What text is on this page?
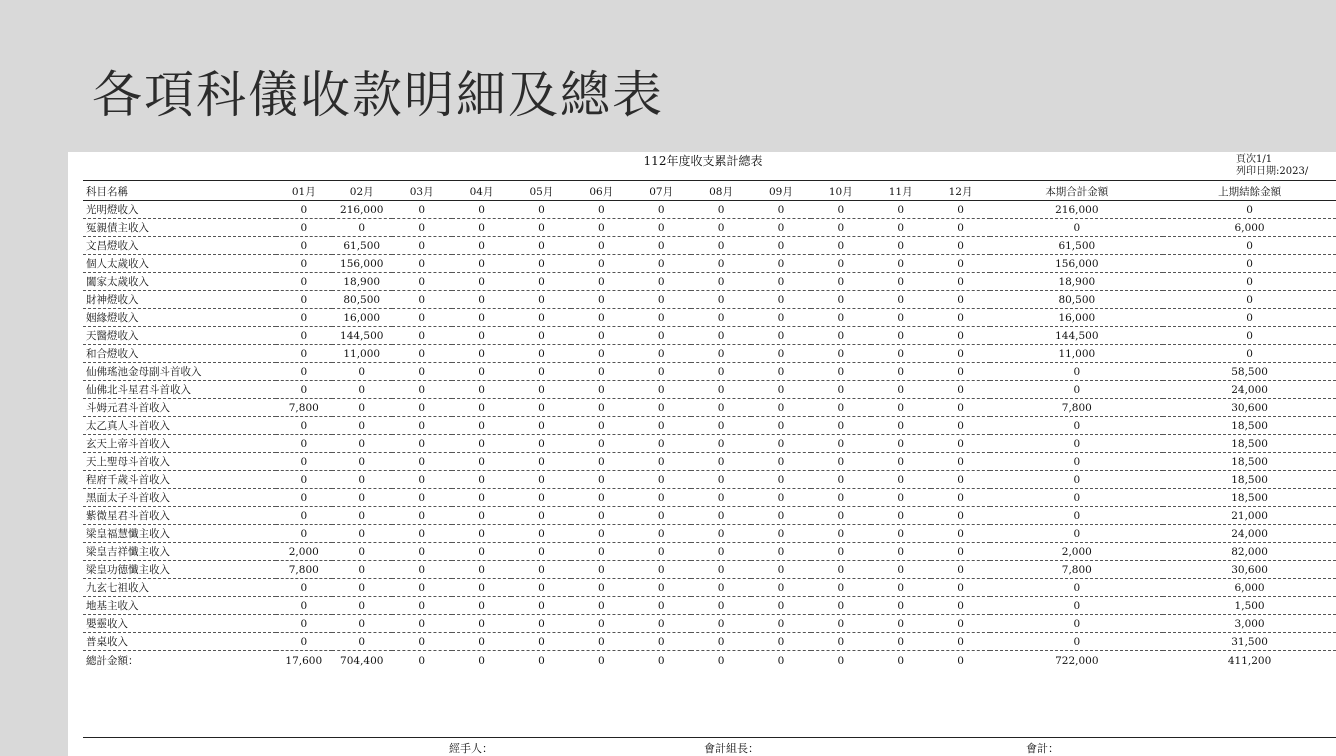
各項科儀收款明細及總表
112年度收支累計總表	頁次1/1
列印日期:2023/
科目名稱	01月	02月	03月	04月	05月	06月	07月	08月	09月	10月	11月	12月	本期合計金額	上期結餘金額
光明燈收入	0	216,000	0	0	0	0	0	0	0	0	0	0	216,000	0
冤親債主收入	0	0	0	0	0	0	0	0	0	0	0	0	0	6,000
文昌燈收入	0	61,500	0	0	0	0	0	0	0	0	0	0	61,500	0
個人太歲收入	0	156,000	0	0	0	0	0	0	0	0	0	0	156,000	0
闔家太歲收入	0	18,900	0	0	0	0	0	0	0	0	0	0	18,900	0
財神燈收入	0	80,500	0	0	0	0	0	0	0	0	0	0	80,500	0
姻緣燈收入	0	16,000	0	0	0	0	0	0	0	0	0	0	16,000	0
天醫燈收入	0	144,500	0	0	0	0	0	0	0	0	0	0	144,500	0
和合燈收入	0	11,000	0	0	0	0	0	0	0	0	0	0	11,000	0
仙佛瑤池金母副斗首收入	0	0	0	0	0	0	0	0	0	0	0	0	0	58,500
仙佛北斗星君斗首收入	0	0	0	0	0	0	0	0	0	0	0	0	0	24,000
斗姆元君斗首收入	7,800	0	0	0	0	0	0	0	0	0	0	0	7,800	30,600
太乙真人斗首收入	0	0	0	0	0	0	0	0	0	0	0	0	0	18,500
玄天上帝斗首收入	0	0	0	0	0	0	0	0	0	0	0	0	0	18,500
天上聖母斗首收入	0	0	0	0	0	0	0	0	0	0	0	0	0	18,500
程府千歲斗首收入	0	0	0	0	0	0	0	0	0	0	0	0	0	18,500
黑面太子斗首收入	0	0	0	0	0	0	0	0	0	0	0	0	0	18,500
紫微星君斗首收入	0	0	0	0	0	0	0	0	0	0	0	0	0	21,000
梁皇福慧懺主收入	0	0	0	0	0	0	0	0	0	0	0	0	0	24,000
梁皇吉祥懺主收入	2,000	0	0	0	0	0	0	0	0	0	0	0	2,000	82,000
梁皇功德懺主收入	7,800	0	0	0	0	0	0	0	0	0	0	0	7,800	30,600
九玄七祖收入	0	0	0	0	0	0	0	0	0	0	0	0	0	6,000
地基主收入	0	0	0	0	0	0	0	0	0	0	0	0	0	1,500
嬰靈收入	0	0	0	0	0	0	0	0	0	0	0	0	0	3,000
普桌收入	0	0	0	0	0	0	0	0	0	0	0	0	0	31,500
總計金額：	17,600	704,400	0	0	0	0	0	0	0	0	0	0	722,000	411,200
經手人：	會計組長：	會計：
